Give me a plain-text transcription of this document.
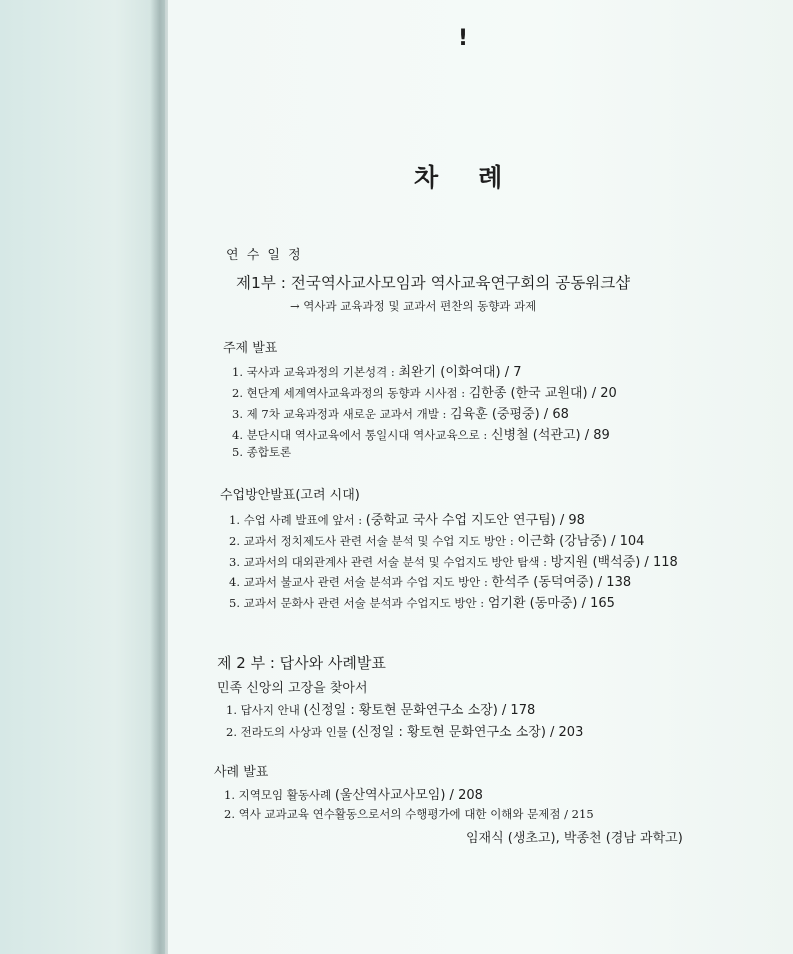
!
차 례
연 수 일 정
제1부 : 전국역사교사모임과 역사교육연구회의 공동워크샵
→ 역사과 교육과정 및 교과서 편찬의 동향과 과제
주제 발표
1. 국사과 교육과정의 기본성격 : 최완기 (이화여대) / 7
2. 현단계 세계역사교육과정의 동향과 시사점 : 김한종 (한국 교원대) / 20
3. 제 7차 교육과정과 새로운 교과서 개발 : 김육훈 (중평중) / 68
4. 분단시대 역사교육에서 통일시대 역사교육으로 : 신병철 (석관고) / 89
5. 종합토론
수업방안발표(고려 시대)
1. 수업 사례 발표에 앞서 : (중학교 국사 수업 지도안 연구팀) / 98
2. 교과서 정치제도사 관련 서술 분석 및 수업 지도 방안 : 이근화 (강남중) / 104
3. 교과서의 대외관계사 관련 서술 분석 및 수업지도 방안 탐색 : 방지원 (백석중) / 118
4. 교과서 불교사 관련 서술 분석과 수업 지도 방안 : 한석주 (동덕여중) / 138
5. 교과서 문화사 관련 서술 분석과 수업지도 방안 : 엄기환 (동마중) / 165
제 2 부 : 답사와 사례발표
민족 신앙의 고장을 찾아서
1. 답사지 안내 (신정일 : 황토현 문화연구소 소장) / 178
2. 전라도의 사상과 인물 (신정일 : 황토현 문화연구소 소장) / 203
사례 발표
1. 지역모임 활동사례 (울산역사교사모임) / 208
2. 역사 교과교육 연수활동으로서의 수행평가에 대한 이해와 문제점 / 215
임재식 (생초고), 박종천 (경남 과학고)
